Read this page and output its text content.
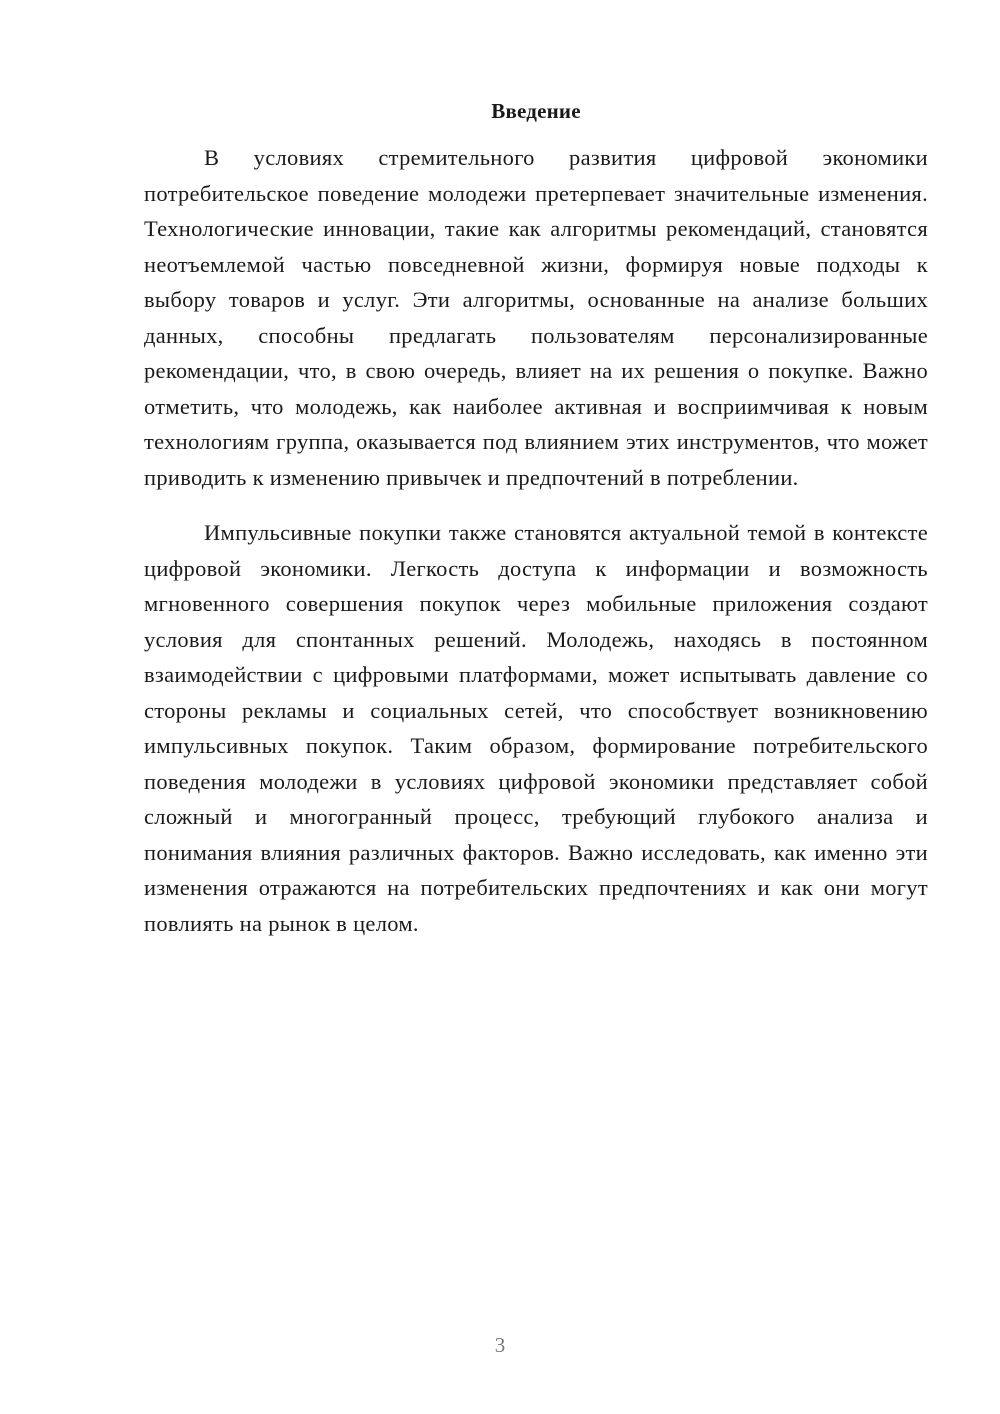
Введение

В условиях стремительного развития цифровой экономики потребительское поведение молодежи претерпевает значительные изменения. Технологические инновации, такие как алгоритмы рекомендаций, становятся неотъемлемой частью повседневной жизни, формируя новые подходы к выбору товаров и услуг. Эти алгоритмы, основанные на анализе больших данных, способны предлагать пользователям персонализированные рекомендации, что, в свою очередь, влияет на их решения о покупке. Важно отметить, что молодежь, как наиболее активная и восприимчивая к новым технологиям группа, оказывается под влиянием этих инструментов, что может приводить к изменению привычек и предпочтений в потреблении.

Импульсивные покупки также становятся актуальной темой в контексте цифровой экономики. Легкость доступа к информации и возможность мгновенного совершения покупок через мобильные приложения создают условия для спонтанных решений. Молодежь, находясь в постоянном взаимодействии с цифровыми платформами, может испытывать давление со стороны рекламы и социальных сетей, что способствует возникновению импульсивных покупок. Таким образом, формирование потребительского поведения молодежи в условиях цифровой экономики представляет собой сложный и многогранный процесс, требующий глубокого анализа и понимания влияния различных факторов. Важно исследовать, как именно эти изменения отражаются на потребительских предпочтениях и как они могут повлиять на рынок в целом.

3
